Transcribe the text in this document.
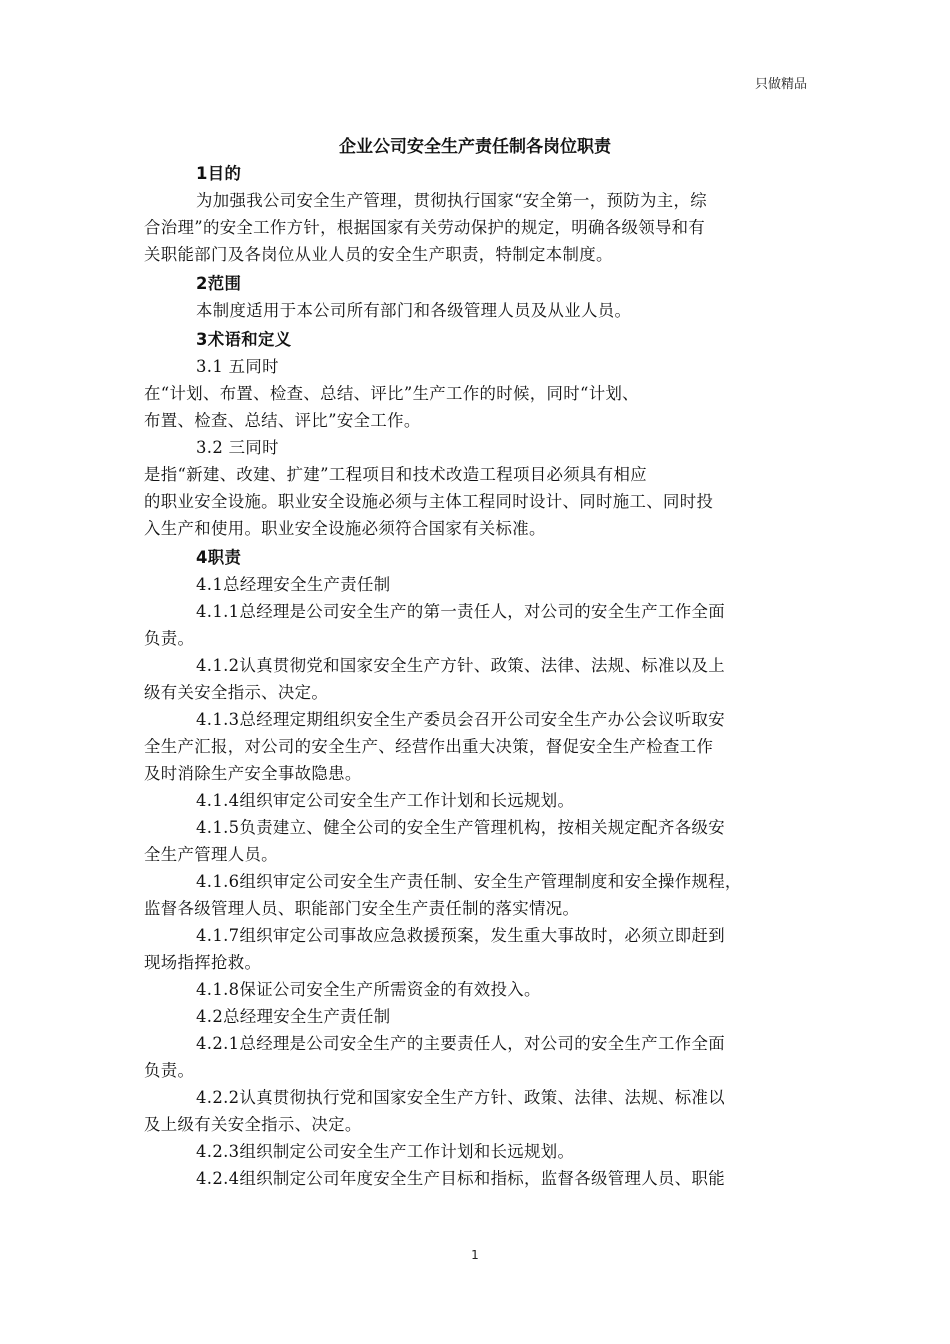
只做精品
企业公司安全生产责任制各岗位职责
1目的
为加强我公司安全生产管理，贯彻执行国家“安全第一，预防为主，综
合治理”的安全工作方针，根据国家有关劳动保护的规定，明确各级领导和有
关职能部门及各岗位从业人员的安全生产职责，特制定本制度。
2范围
本制度适用于本公司所有部门和各级管理人员及从业人员。
3术语和定义
3.1 五同时
在“计划、布置、检查、总结、评比”生产工作的时候，同时“计划、
布置、检查、总结、评比”安全工作。
3.2 三同时
是指“新建、改建、扩建”工程项目和技术改造工程项目必须具有相应
的职业安全设施。职业安全设施必须与主体工程同时设计、同时施工、同时投
入生产和使用。职业安全设施必须符合国家有关标准。
4职责
4.1总经理安全生产责任制
4.1.1总经理是公司安全生产的第一责任人，对公司的安全生产工作全面
负责。
4.1.2认真贯彻党和国家安全生产方针、政策、法律、法规、标准以及上
级有关安全指示、决定。
4.1.3总经理定期组织安全生产委员会召开公司安全生产办公会议听取安
全生产汇报，对公司的安全生产、经营作出重大决策，督促安全生产检查工作
及时消除生产安全事故隐患。
4.1.4组织审定公司安全生产工作计划和长远规划。
4.1.5负责建立、健全公司的安全生产管理机构，按相关规定配齐各级安
全生产管理人员。
4.1.6组织审定公司安全生产责任制、安全生产管理制度和安全操作规程，
监督各级管理人员、职能部门安全生产责任制的落实情况。
4.1.7组织审定公司事故应急救援预案，发生重大事故时，必须立即赶到
现场指挥抢救。
4.1.8保证公司安全生产所需资金的有效投入。
4.2总经理安全生产责任制
4.2.1总经理是公司安全生产的主要责任人，对公司的安全生产工作全面
负责。
4.2.2认真贯彻执行党和国家安全生产方针、政策、法律、法规、标准以
及上级有关安全指示、决定。
4.2.3组织制定公司安全生产工作计划和长远规划。
4.2.4组织制定公司年度安全生产目标和指标，监督各级管理人员、职能
1
